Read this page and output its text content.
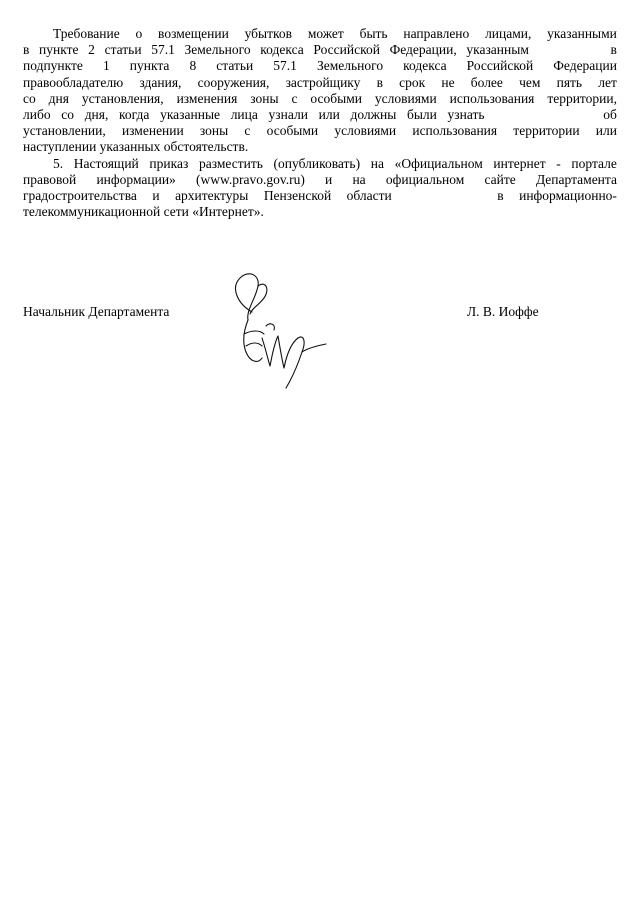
Требование о возмещении убытков может быть направлено лицами, указанными
в пункте 2 статьи 57.1 Земельного кодекса Российской Федерации, указанным	в
подпункте 1 пункта 8 статьи 57.1 Земельного кодекса Российской Федерации
правообладателю здания, сооружения, застройщику в срок не более чем пять лет
со дня установления, изменения зоны с особыми условиями использования территории,
либо со дня, когда указанные лица узнали или должны были узнать	об
установлении, изменении зоны с особыми условиями использования территории или
наступлении указанных обстоятельств.
5. Настоящий приказ разместить (опубликовать) на «Официальном интернет - портале
правовой информации» (www.pravo.gov.ru) и на официальном сайте Департамента
градостроительства и архитектуры Пензенской области	в информационно-
телекоммуникационной сети «Интернет».
Начальник Департамента	Л. В. Иоффе
